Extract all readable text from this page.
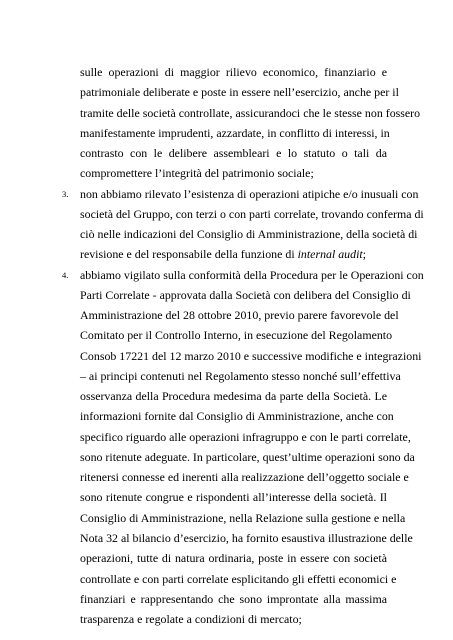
sulle operazioni di maggior rilievo economico, finanziario e
patrimoniale deliberate e poste in essere nell’esercizio, anche per il
tramite delle società controllate, assicurandoci che le stesse non fossero
manifestamente imprudenti, azzardate, in conflitto di interessi, in
contrasto con le delibere assembleari e lo statuto o tali da
compromettere l’integrità del patrimonio sociale;
3. non abbiamo rilevato l’esistenza di operazioni atipiche e/o inusuali con
società del Gruppo, con terzi o con parti correlate, trovando conferma di
ciò nelle indicazioni del Consiglio di Amministrazione, della società di
revisione e del responsabile della funzione di internal audit;
4. abbiamo vigilato sulla conformità della Procedura per le Operazioni con
Parti Correlate - approvata dalla Società con delibera del Consiglio di
Amministrazione del 28 ottobre 2010, previo parere favorevole del
Comitato per il Controllo Interno, in esecuzione del Regolamento
Consob 17221 del 12 marzo 2010 e successive modifiche e integrazioni
– ai principi contenuti nel Regolamento stesso nonché sull’effettiva
osservanza della Procedura medesima da parte della Società. Le
informazioni fornite dal Consiglio di Amministrazione, anche con
specifico riguardo alle operazioni infragruppo e con le parti correlate,
sono ritenute adeguate. In particolare, quest’ultime operazioni sono da
ritenersi connesse ed inerenti alla realizzazione dell’oggetto sociale e
sono ritenute congrue e rispondenti all’interesse della società. Il
Consiglio di Amministrazione, nella Relazione sulla gestione e nella
Nota 32 al bilancio d’esercizio, ha fornito esaustiva illustrazione delle
operazioni, tutte di natura ordinaria, poste in essere con società
controllate e con parti correlate esplicitando gli effetti economici e
finanziari e rappresentando che sono improntate alla massima
trasparenza e regolate a condizioni di mercato;
